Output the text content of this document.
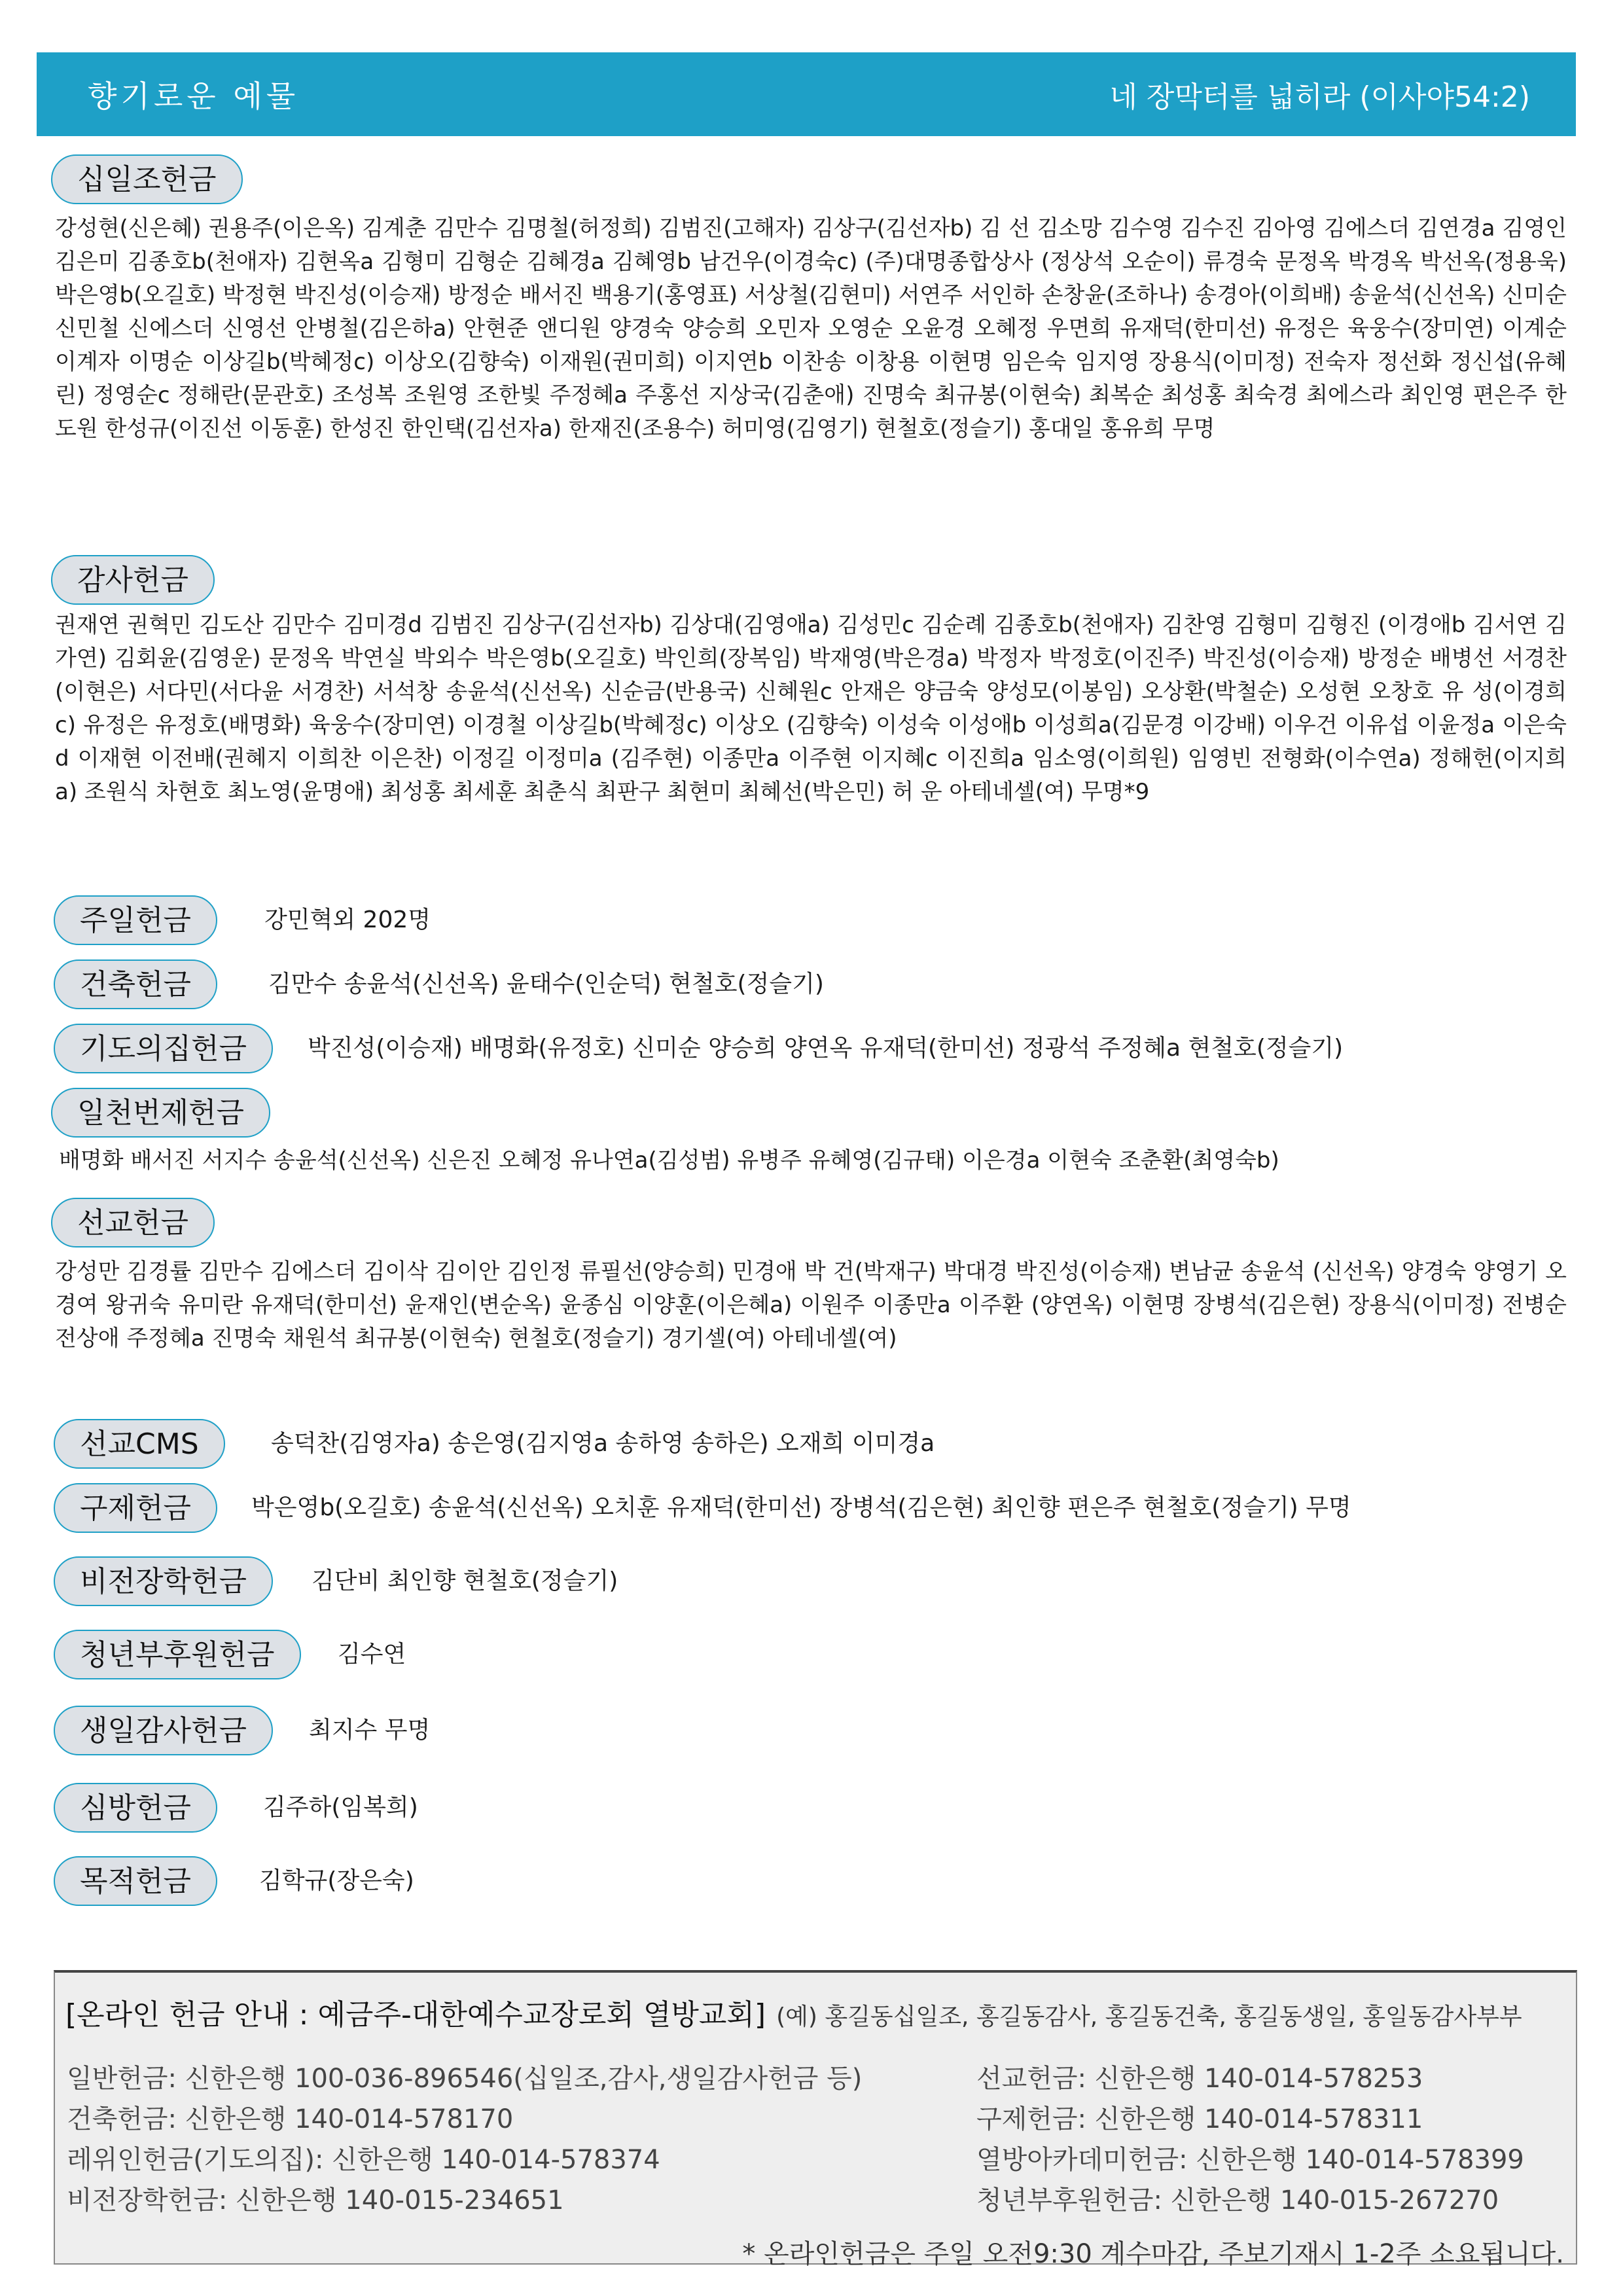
향기로운 예물	네 장막터를 넓히라 (이사야54:2)
십일조헌금
강성현(신은혜) 권용주(이은옥) 김계춘 김만수 김명철(허정희) 김범진(고해자) 김상구(김선자b) 김 선 김소망 김수영 김수진 김아영 김에스더 김연경a 김영인 김은미 김종호b(천애자) 김현옥a 김형미 김형순 김혜경a 김혜영b 남건우(이경숙c) (주)대명종합상사 (정상석 오순이) 류경숙 문정옥 박경옥 박선옥(정용욱) 박은영b(오길호) 박정현 박진성(이승재) 방정순 배서진 백용기(홍영표) 서상철(김현미) 서연주 서인하 손창윤(조하나) 송경아(이희배) 송윤석(신선옥) 신미순 신민철 신에스더 신영선 안병철(김은하a) 안현준 앤디원 양경숙 양승희 오민자 오영순 오윤경 오혜정 우면희 유재덕(한미선) 유정은 육웅수(장미연) 이계순 이계자 이명순 이상길b(박혜정c) 이상오(김향숙) 이재원(권미희) 이지연b 이찬송 이창용 이현명 임은숙 임지영 장용식(이미정) 전숙자 정선화 정신섭(유혜린) 정영순c 정해란(문관호) 조성복 조원영 조한빛 주정혜a 주홍선 지상국(김춘애) 진명숙 최규봉(이현숙) 최복순 최성홍 최숙경 최에스라 최인영 편은주 한도원 한성규(이진선 이동훈) 한성진 한인택(김선자a) 한재진(조용수) 허미영(김영기) 현철호(정슬기) 홍대일 홍유희 무명
감사헌금
권재연 권혁민 김도산 김만수 김미경d 김범진 김상구(김선자b) 김상대(김영애a) 김성민c 김순례 김종호b(천애자) 김찬영 김형미 김형진 (이경애b 김서연 김가연) 김회윤(김영운) 문정옥 박연실 박외수 박은영b(오길호) 박인희(장복임) 박재영(박은경a) 박정자 박정호(이진주) 박진성(이승재) 방정순 배병선 서경찬(이현은) 서다민(서다윤 서경찬) 서석창 송윤석(신선옥) 신순금(반용국) 신혜원c 안재은 양금숙 양성모(이봉임) 오상환(박철순) 오성현 오창호 유 성(이경희c) 유정은 유정호(배명화) 육웅수(장미연) 이경철 이상길b(박혜정c) 이상오 (김향숙) 이성숙 이성애b 이성희a(김문경 이강배) 이우건 이유섭 이윤정a 이은숙d 이재현 이전배(권혜지 이희찬 이은찬) 이정길 이정미a (김주현) 이종만a 이주현 이지혜c 이진희a 임소영(이희원) 임영빈 전형화(이수연a) 정해헌(이지희a) 조원식 차현호 최노영(윤명애) 최성홍 최세훈 최춘식 최판구 최현미 최혜선(박은민) 허 운 아테네셀(여) 무명*9
주일헌금	강민혁외 202명
건축헌금	김만수 송윤석(신선옥) 윤태수(인순덕) 현철호(정슬기)
기도의집헌금	박진성(이승재) 배명화(유정호) 신미순 양승희 양연옥 유재덕(한미선) 정광석 주정혜a 현철호(정슬기)
일천번제헌금
배명화 배서진 서지수 송윤석(신선옥) 신은진 오혜정 유나연a(김성범) 유병주 유혜영(김규태) 이은경a 이현숙 조춘환(최영숙b)
선교헌금
강성만 김경률 김만수 김에스더 김이삭 김이안 김인정 류필선(양승희) 민경애 박 건(박재구) 박대경 박진성(이승재) 변남균 송윤석 (신선옥) 양경숙 양영기 오경여 왕귀숙 유미란 유재덕(한미선) 윤재인(변순옥) 윤종심 이양훈(이은혜a) 이원주 이종만a 이주환 (양연옥) 이현명 장병석(김은현) 장용식(이미정) 전병순 전상애 주정혜a 진명숙 채원석 최규봉(이현숙) 현철호(정슬기) 경기셀(여) 아테네셀(여)
선교CMS	송덕찬(김영자a) 송은영(김지영a 송하영 송하은) 오재희 이미경a
구제헌금	박은영b(오길호) 송윤석(신선옥) 오치훈 유재덕(한미선) 장병석(김은현) 최인향 편은주 현철호(정슬기) 무명
비전장학헌금	김단비 최인향 현철호(정슬기)
청년부후원헌금	김수연
생일감사헌금	최지수 무명
심방헌금	김주하(임복희)
목적헌금	김학규(장은숙)
[온라인 헌금 안내 : 예금주-대한예수교장로회 열방교회] (예) 홍길동십일조, 홍길동감사, 홍길동건축, 홍길동생일, 홍일동감사부부
일반헌금: 신한은행 100-036-896546(십일조,감사,생일감사헌금 등)
건축헌금: 신한은행 140-014-578170
레위인헌금(기도의집): 신한은행 140-014-578374
비전장학헌금: 신한은행 140-015-234651
선교헌금: 신한은행 140-014-578253
구제헌금: 신한은행 140-014-578311
열방아카데미헌금: 신한은행 140-014-578399
청년부후원헌금: 신한은행 140-015-267270
* 온라인헌금은 주일 오전9:30 계수마감, 주보기재시 1-2주 소요됩니다.
